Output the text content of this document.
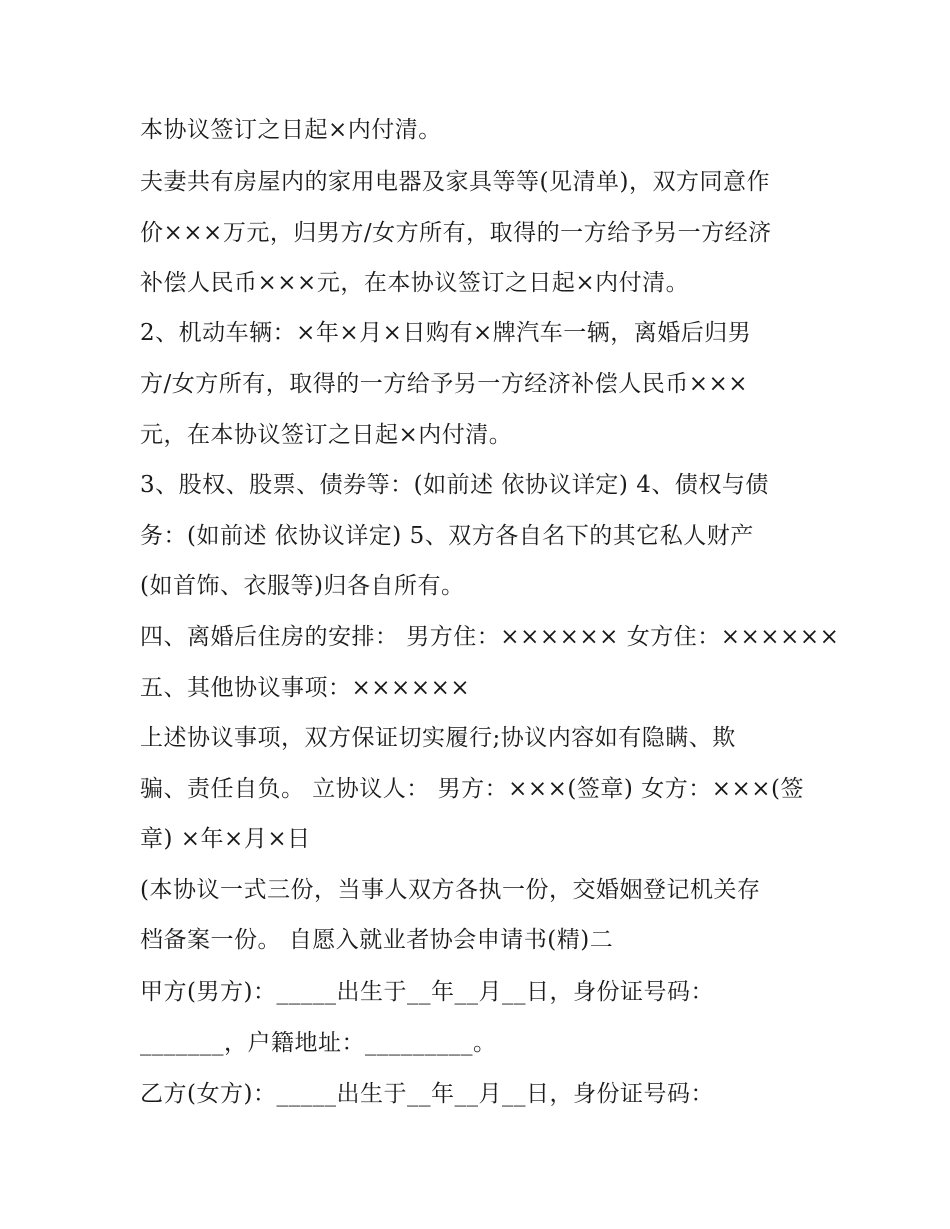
本协议签订之日起×内付清。
夫妻共有房屋内的家用电器及家具等等(见清单)，双方同意作
价×××万元，归男方/女方所有，取得的一方给予另一方经济
补偿人民币×××元，在本协议签订之日起×内付清。
2、机动车辆：×年×月×日购有×牌汽车一辆，离婚后归男
方/女方所有，取得的一方给予另一方经济补偿人民币×××
元，在本协议签订之日起×内付清。
3、股权、股票、债券等：(如前述 依协议详定) 4、债权与债
务：(如前述 依协议详定) 5、双方各自名下的其它私人财产
(如首饰、衣服等)归各自所有。
四、离婚后住房的安排： 男方住：×××××× 女方住：××××××
五、其他协议事项：××××××
上述协议事项，双方保证切实履行;协议内容如有隐瞒、欺
骗、责任自负。 立协议人： 男方：×××(签章) 女方：×××(签
章) ×年×月×日
(本协议一式三份，当事人双方各执一份，交婚姻登记机关存
档备案一份。 自愿入就业者协会申请书(精)二
甲方(男方)：_____出生于__年__月__日，身份证号码：
_______，户籍地址：_________。
乙方(女方)：_____出生于__年__月__日，身份证号码：
